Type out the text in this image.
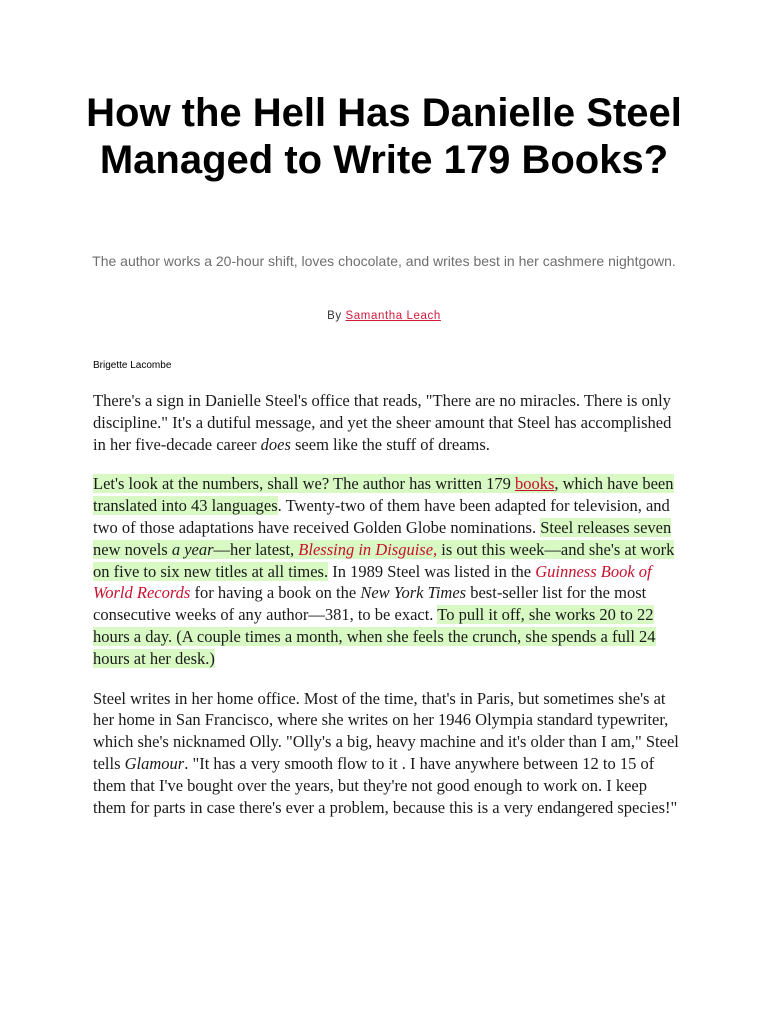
How the Hell Has Danielle Steel Managed to Write 179 Books?

The author works a 20-hour shift, loves chocolate, and writes best in her cashmere nightgown.

By Samantha Leach

Brigette Lacombe

There's a sign in Danielle Steel's office that reads, "There are no miracles. There is only discipline." It's a dutiful message, and yet the sheer amount that Steel has accomplished in her five-decade career does seem like the stuff of dreams.

Let's look at the numbers, shall we? The author has written 179 books, which have been translated into 43 languages. Twenty-two of them have been adapted for television, and two of those adaptations have received Golden Globe nominations. Steel releases seven new novels a year—her latest, Blessing in Disguise, is out this week—and she's at work on five to six new titles at all times. In 1989 Steel was listed in the Guinness Book of World Records for having a book on the New York Times best-seller list for the most consecutive weeks of any author—381, to be exact. To pull it off, she works 20 to 22 hours a day. (A couple times a month, when she feels the crunch, she spends a full 24 hours at her desk.)

Steel writes in her home office. Most of the time, that's in Paris, but sometimes she's at her home in San Francisco, where she writes on her 1946 Olympia standard typewriter, which she's nicknamed Olly. "Olly's a big, heavy machine and it's older than I am," Steel tells Glamour. "It has a very smooth flow to it . I have anywhere between 12 to 15 of them that I've bought over the years, but they're not good enough to work on. I keep them for parts in case there's ever a problem, because this is a very endangered species!"
